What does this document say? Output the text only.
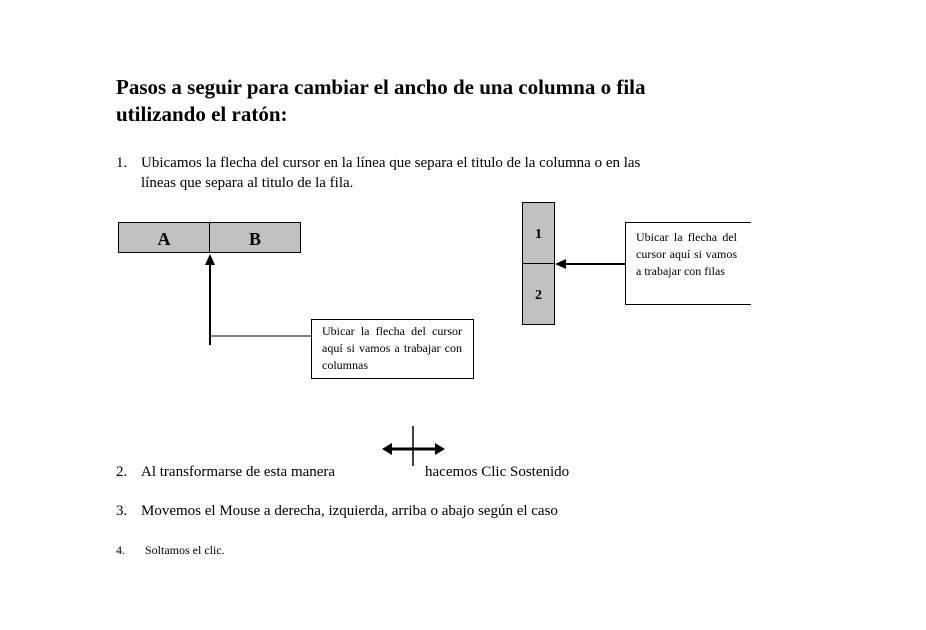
Pasos a seguir para cambiar el ancho de una columna o fila
utilizando el ratón:
1. Ubicamos la flecha del cursor en la línea que separa el titulo de la columna o en las
líneas que separa al titulo de la fila.
A	B	1
2
Ubicar la flecha del cursor aquí si vamos a trabajar con columnas
Ubicar la flecha del cursor aquí si vamos a trabajar con filas
2. Al transformarse de esta manera	hacemos Clic Sostenido
3. Movemos el Mouse a derecha, izquierda, arriba o abajo según el caso
4. Soltamos el clic.
